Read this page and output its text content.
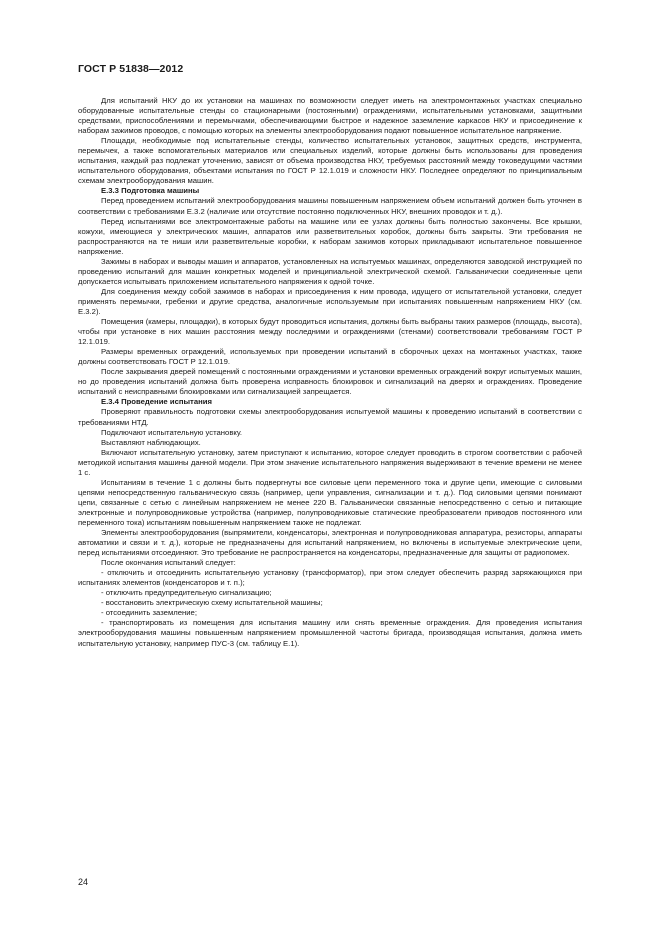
ГОСТ Р 51838—2012

Для испытаний НКУ до их установки на машинах по возможности следует иметь на электромонтажных участках специально оборудованные испытательные стенды со стационарными (постоянными) ограждениями, испытательными установками, защитными средствами, приспособлениями и перемычками, обеспечивающими быстрое и надежное заземление каркасов НКУ и присоединение к наборам зажимов проводов, с помощью которых на элементы электрооборудования подают повышенное испытательное напряжение.

Площади, необходимые под испытательные стенды, количество испытательных установок, защитных средств, инструмента, перемычек, а также вспомогательных материалов или специальных изделий, которые должны быть использованы для проведения испытания, каждый раз подлежат уточнению, зависят от объема производства НКУ, требуемых расстояний между токоведущими частями испытательного оборудования, объектами испытания по ГОСТ Р 12.1.019 и сложности НКУ. Последнее определяют по принципиальным схемам электрооборудования машин.

Е.3.3 Подготовка машины

Перед проведением испытаний электрооборудования машины повышенным напряжением объем испытаний должен быть уточнен в соответствии с требованиями Е.3.2 (наличие или отсутствие постоянно подключенных НКУ, внешних проводок и т. д.).

Перед испытаниями все электромонтажные работы на машине или ее узлах должны быть полностью закончены. Все крышки, кожухи, имеющиеся у электрических машин, аппаратов или разветвительных коробок, должны быть закрыты. Эти требования не распространяются на те ниши или разветвительные коробки, к наборам зажимов которых прикладывают испытательное повышенное напряжение.

Зажимы в наборах и выводы машин и аппаратов, установленных на испытуемых машинах, определяются заводской инструкцией по проведению испытаний для машин конкретных моделей и принципиальной электрической схемой. Гальванически соединенные цепи допускается испытывать приложением испытательного напряжения к одной точке.

Для соединения между собой зажимов в наборах и присоединения к ним провода, идущего от испытательной установки, следует применять перемычки, гребенки и другие средства, аналогичные используемым при испытаниях повышенным напряжением НКУ (см. Е.3.2).

Помещения (камеры, площадки), в которых будут проводиться испытания, должны быть выбраны таких размеров (площадь, высота), чтобы при установке в них машин расстояния между последними и ограждениями (стенами) соответствовали требованиям ГОСТ Р 12.1.019.

Размеры временных ограждений, используемых при проведении испытаний в сборочных цехах на монтажных участках, также должны соответствовать ГОСТ Р 12.1.019.

После закрывания дверей помещений с постоянными ограждениями и установки временных ограждений вокруг испытуемых машин, но до проведения испытаний должна быть проверена исправность блокировок и сигнализаций на дверях и ограждениях. Проведение испытаний с неисправными блокировками или сигнализацией запрещается.

Е.3.4 Проведение испытания

Проверяют правильность подготовки схемы электрооборудования испытуемой машины к проведению испытаний в соответствии с требованиями НТД.

Подключают испытательную установку.

Выставляют наблюдающих.

Включают испытательную установку, затем приступают к испытанию, которое следует проводить в строгом соответствии с рабочей методикой испытания машины данной модели. При этом значение испытательного напряжения выдерживают в течение времени не менее 1 с.

Испытаниям в течение 1 с должны быть подвергнуты все силовые цепи переменного тока и другие цепи, имеющие с силовыми цепями непосредственную гальваническую связь (например, цепи управления, сигнализации и т. д.). Под силовыми цепями понимают цепи, связанные с сетью с линейным напряжением не менее 220 В. Гальванически связанные непосредственно с сетью и питающие электронные и полупроводниковые устройства (например, полупроводниковые статические преобразователи приводов постоянного или переменного тока) испытаниям повышенным напряжением также не подлежат.

Элементы электрооборудования (выпрямители, конденсаторы, электронная и полупроводниковая аппаратура, резисторы, аппараты автоматики и связи и т. д.), которые не предназначены для испытаний напряжением, но включены в испытуемые электрические цепи, перед испытаниями отсоединяют. Это требование не распространяется на конденсаторы, предназначенные для защиты от радиопомех.

После окончания испытаний следует:

- отключить и отсоединить испытательную установку (трансформатор), при этом следует обеспечить разряд заряжающихся при испытаниях элементов (конденсаторов и т. п.);

- отключить предупредительную сигнализацию;

- восстановить электрическую схему испытательной машины;

- отсоединить заземление;

- транспортировать из помещения для испытания машину или снять временные ограждения. Для проведения испытания электрооборудования машины повышенным напряжением промышленной частоты бригада, производящая испытания, должна иметь испытательную установку, например ПУС-3 (см. таблицу Е.1).

24
